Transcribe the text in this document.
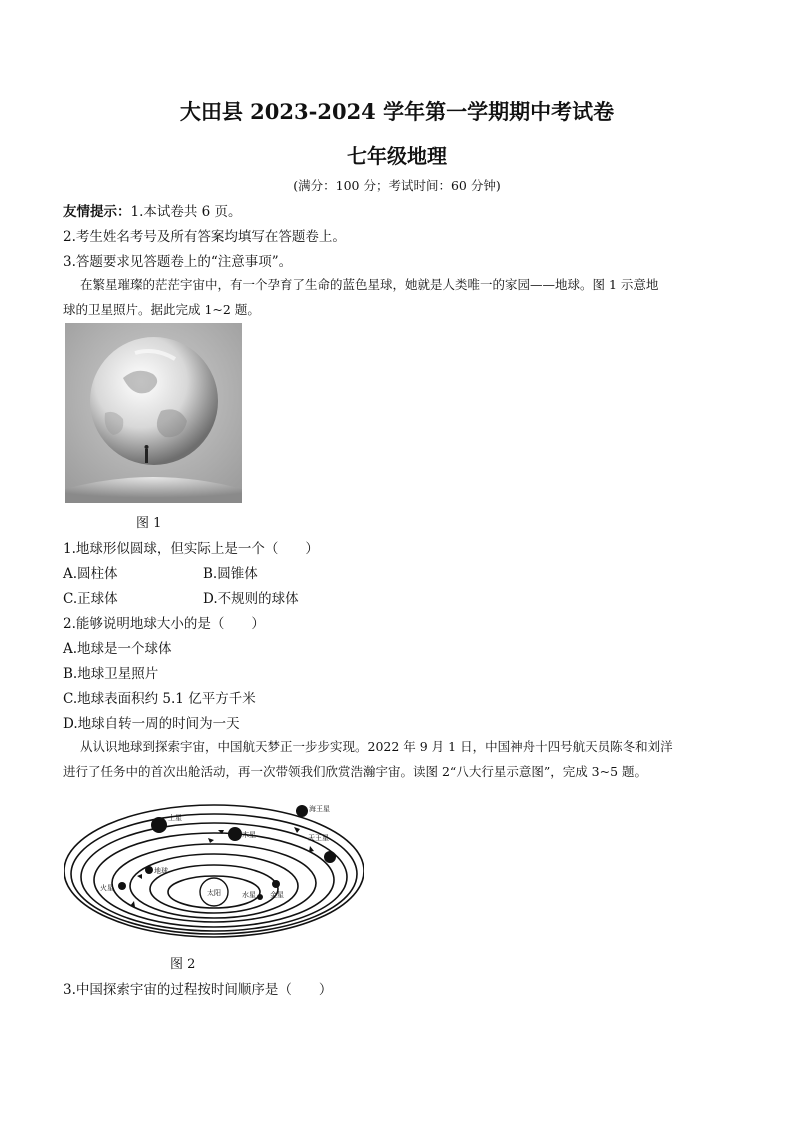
大田县 2023-2024 学年第一学期期中考试卷
七年级地理
(满分：100 分；考试时间：60 分钟)
友情提示：1.本试卷共 6 页。
2.考生姓名考号及所有答案均填写在答题卷上。
3.答题要求见答题卷上的“注意事项”。
在繁星璀璨的茫茫宇宙中，有一个孕育了生命的蓝色星球，她就是人类唯一的家园——地球。图 1 示意地
球的卫星照片。据此完成 1~2 题。
图 1
1.地球形似圆球，但实际上是一个（　　）
A.圆柱体	B.圆锥体
C.正球体	D.不规则的球体
2.能够说明地球大小的是（　　）
A.地球是一个球体
B.地球卫星照片
C.地球表面积约 5.1 亿平方千米
D.地球自转一周的时间为一天
从认识地球到探索宇宙，中国航天梦正一步步实现。2022 年 9 月 1 日，中国神舟十四号航天员陈冬和刘洋
进行了任务中的首次出舱活动，再一次带领我们欣赏浩瀚宇宙。读图 2“八大行星示意图”，完成 3~5 题。
太阳	水星 金星
地球
火星
木星
土星
天王星
海王星
图 2
3.中国探索宇宙的过程按时间顺序是（　　）
